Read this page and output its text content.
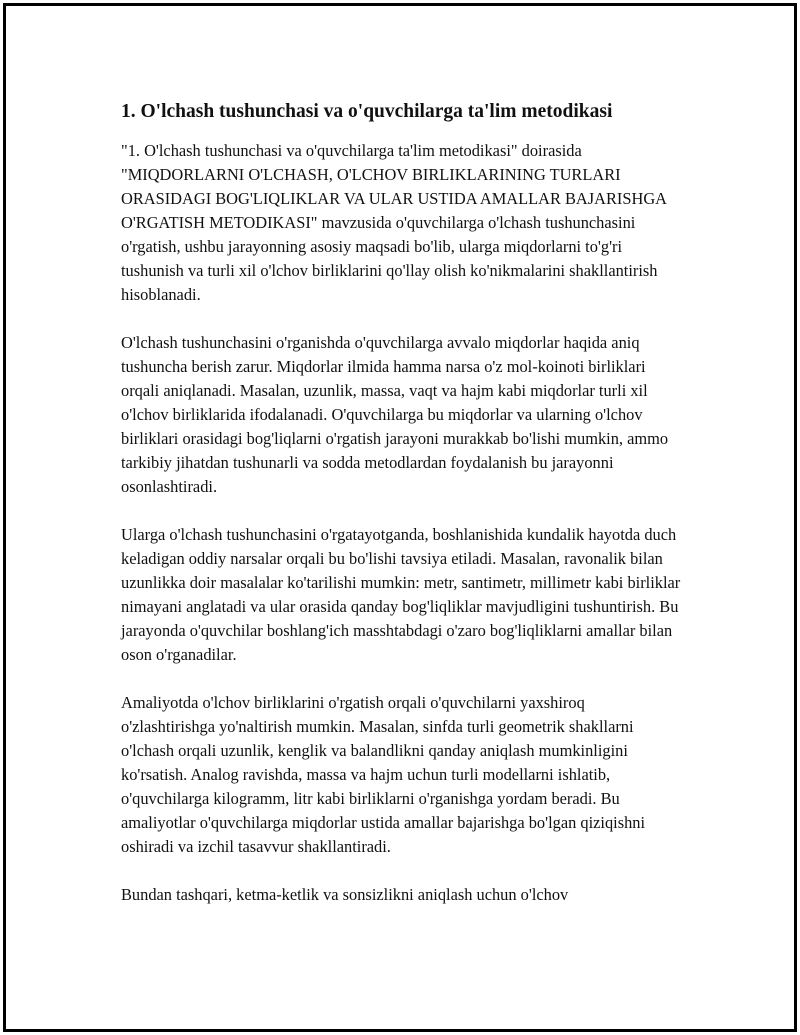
1. O'lchash tushunchasi va o'quvchilarga ta'lim metodikasi

"1. O'lchash tushunchasi va o'quvchilarga ta'lim metodikasi" doirasida "MIQDORLARNI O'LCHASH, O'LCHOV BIRLIKLARINING TURLARI ORASIDAGI BOG'LIQLIKLAR VA ULAR USTIDA AMALLAR BAJARISHGA O'RGATISH METODIKASI" mavzusida o'quvchilarga o'lchash tushunchasini o'rgatish, ushbu jarayonning asosiy maqsadi bo'lib, ularga miqdorlarni to'g'ri tushunish va turli xil o'lchov birliklarini qo'llay olish ko'nikmalarini shakllantirish hisoblanadi.

O'lchash tushunchasini o'rganishda o'quvchilarga avvalo miqdorlar haqida aniq tushuncha berish zarur. Miqdorlar ilmida hamma narsa o'z mol-koinoti birliklari orqali aniqlanadi. Masalan, uzunlik, massa, vaqt va hajm kabi miqdorlar turli xil o'lchov birliklarida ifodalanadi. O'quvchilarga bu miqdorlar va ularning o'lchov birliklari orasidagi bog'liqlarni o'rgatish jarayoni murakkab bo'lishi mumkin, ammo tarkibiy jihatdan tushunarli va sodda metodlardan foydalanish bu jarayonni osonlashtiradi.

Ularga o'lchash tushunchasini o'rgatayotganda, boshlanishida kundalik hayotda duch keladigan oddiy narsalar orqali bu bo'lishi tavsiya etiladi. Masalan, ravonalik bilan uzunlikka doir masalalar ko'tarilishi mumkin: metr, santimetr, millimetr kabi birliklar nimayani anglatadi va ular orasida qanday bog'liqliklar mavjudligini tushuntirish. Bu jarayonda o'quvchilar boshlang'ich masshtabdagi o'zaro bog'liqliklarni amallar bilan oson o'rganadilar.

Amaliyotda o'lchov birliklarini o'rgatish orqali o'quvchilarni yaxshiroq o'zlashtirishga yo'naltirish mumkin. Masalan, sinfda turli geometrik shakllarni o'lchash orqali uzunlik, kenglik va balandlikni qanday aniqlash mumkinligini ko'rsatish. Analog ravishda, massa va hajm uchun turli modellarni ishlatib, o'quvchilarga kilogramm, litr kabi birliklarni o'rganishga yordam beradi. Bu amaliyotlar o'quvchilarga miqdorlar ustida amallar bajarishga bo'lgan qiziqishni oshiradi va izchil tasavvur shakllantiradi.

Bundan tashqari, ketma-ketlik va sonsizlikni aniqlash uchun o'lchov
